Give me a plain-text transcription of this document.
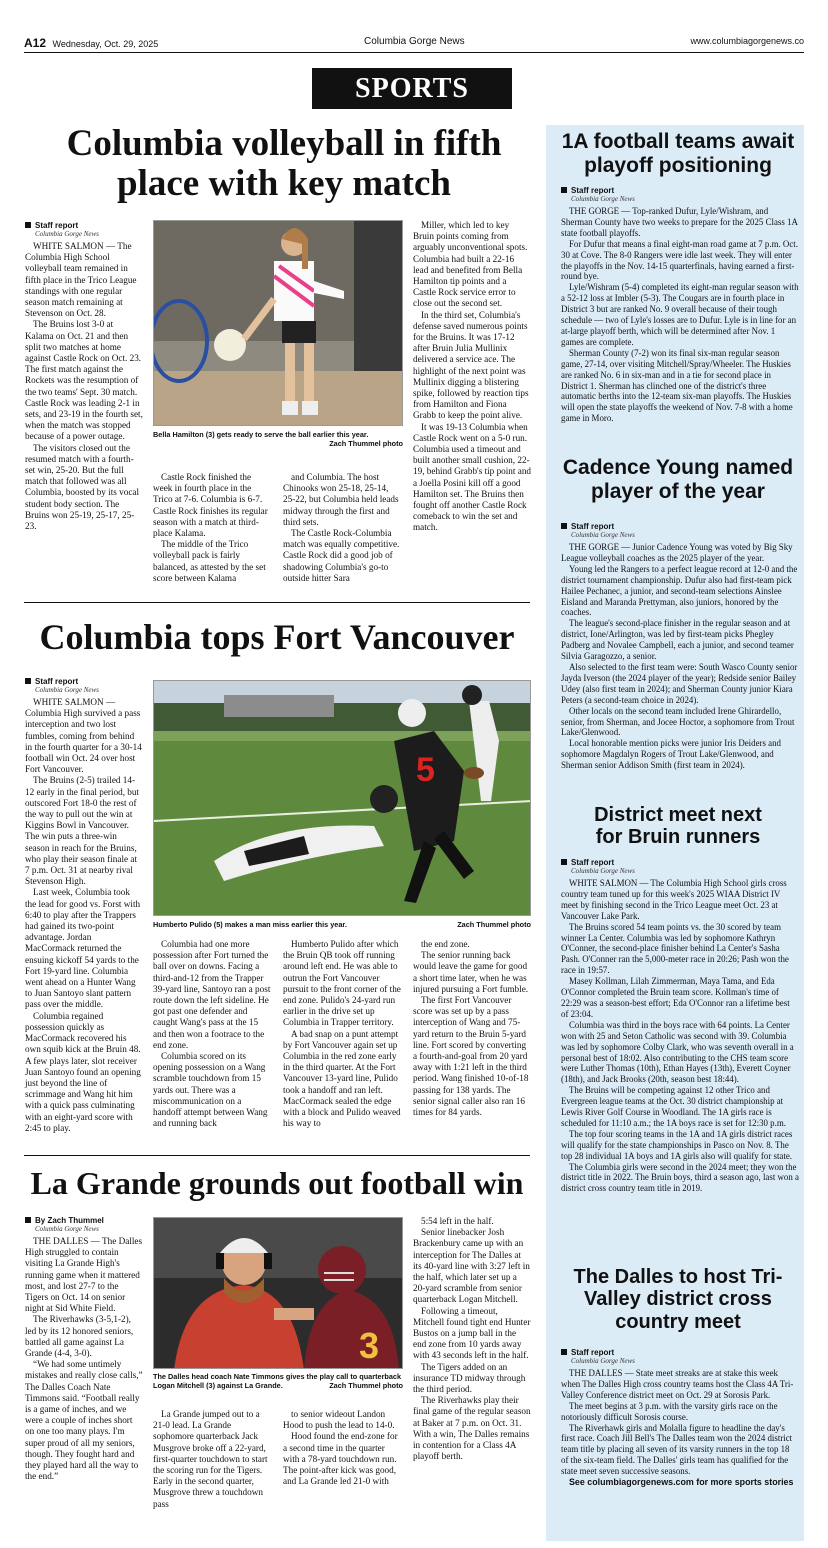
A12 Wednesday, Oct. 29, 2025	Columbia Gorge News	www.columbiagorgenews.co
SPORTS
Columbia volleyball in fifth place with key match
Staff report
Columbia Gorge News

WHITE SALMON — The Columbia High School volleyball team remained in fifth place in the Trico League standings with one regular season match remaining at Stevenson on Oct. 28.

The Bruins lost 3-0 at Kalama on Oct. 21 and then split two matches at home against Castle Rock on Oct. 23. The first match against the Rockets was the resumption of the two teams' Sept. 30 match. Castle Rock was leading 2-1 in sets, and 23-19 in the fourth set, when the match was stopped because of a power outage.

The visitors closed out the resumed match with a fourth-set win, 25-20. But the full match that followed was all Columbia, boosted by its vocal student body section. The Bruins won 25-19, 25-17, 25-23.

Bella Hamilton (3) gets ready to serve the ball earlier this year.
Zach Thummel photo

Castle Rock finished the week in fourth place in the Trico at 7-6. Columbia is 6-7. Castle Rock finishes its regular season with a match at third-place Kalama.

The middle of the Trico volleyball pack is fairly balanced, as attested by the set score between Kalama

and Columbia. The host Chinooks won 25-18, 25-14, 25-22, but Columbia held leads midway through the first and third sets.

The Castle Rock-Columbia match was equally competitive. Castle Rock did a good job of shadowing Columbia's go-to outside hitter Sara

Miller, which led to key Bruin points coming from arguably unconventional spots. Columbia had built a 22-16 lead and benefited from Bella Hamilton tip points and a Castle Rock service error to close out the second set.

In the third set, Columbia's defense saved numerous points for the Bruins. It was 17-12 after Bruin Julia Mullinix delivered a service ace. The highlight of the next point was Mullinix digging a blistering spike, followed by reaction tips from Hamilton and Fiona Grabb to keep the point alive.

It was 19-13 Columbia when Castle Rock went on a 5-0 run. Columbia used a timeout and built another small cushion, 22-19, behind Grabb's tip point and a Joella Posini kill off a good Hamilton set. The Bruins then fought off another Castle Rock comeback to win the set and match.

Columbia tops Fort Vancouver
Staff report
Columbia Gorge News

WHITE SALMON — Columbia High survived a pass interception and two lost fumbles, coming from behind in the fourth quarter for a 30-14 football win Oct. 24 over host Fort Vancouver.

The Bruins (2-5) trailed 14-12 early in the final period, but outscored Fort 18-0 the rest of the way to pull out the win at Kiggins Bowl in Vancouver. The win puts a three-win season in reach for the Bruins, who play their season finale at 7 p.m. Oct. 31 at nearby rival Stevenson High.

Last week, Columbia took the lead for good vs. Forst with 6:40 to play after the Trappers had gained its two-point advantage. Jordan MacCormack returned the ensuing kickoff 54 yards to the Fort 19-yard line. Columbia went ahead on a Hunter Wang to Juan Santoyo slant pattern pass over the middle.

Columbia regained possession quickly as MacCormack recovered his own squib kick at the Bruin 48. A few plays later, slot receiver Juan Santoyo found an opening just beyond the line of scrimmage and Wang hit him with a quick pass culminating with an eight-yard score with 2:45 to play.

5
Humberto Pulido (5) makes a man miss earlier this year.	Zach Thummel photo

Columbia had one more possession after Fort turned the ball over on downs. Facing a third-and-12 from the Trapper 39-yard line, Santoyo ran a post route down the left sideline. He got past one defender and caught Wang's pass at the 15 and then won a footrace to the end zone.

Columbia scored on its opening possession on a Wang scramble touchdown from 15 yards out. There was a miscommunication on a handoff attempt between Wang and running back

Humberto Pulido after which the Bruin QB took off running around left end. He was able to outrun the Fort Vancouver pursuit to the front corner of the end zone. Pulido's 24-yard run earlier in the drive set up Columbia in Trapper territory.

A bad snap on a punt attempt by Fort Vancouver again set up Columbia in the red zone early in the third quarter. At the Fort Vancouver 13-yard line, Pulido took a handoff and ran left. MacCormack sealed the edge with a block and Pulido weaved his way to

the end zone.

The senior running back would leave the game for good a short time later, when he was injured pursuing a Fort fumble.

The first Fort Vancouver score was set up by a pass interception of Wang and 75-yard return to the Bruin 5-yard line. Fort scored by converting a fourth-and-goal from 20 yard away with 1:21 left in the third period. Wang finished 10-of-18 passing for 138 yards. The senior signal caller also ran 16 times for 84 yards.

La Grande grounds out football win
By Zach Thummel
Columbia Gorge News

THE DALLES — The Dalles High struggled to contain visiting La Grande High's running game when it mattered most, and lost 27-7 to the Tigers on Oct. 14 on senior night at Sid White Field.

The Riverhawks (3-5,1-2), led by its 12 honored seniors, battled all game against La Grande (4-4, 3-0).

“We had some untimely mistakes and really close calls,” The Dalles Coach Nate Timmons said. “Football really is a game of inches, and we were a couple of inches short on one too many plays. I'm super proud of all my seniors, though. They fought hard and they played hard all the way to the end.”

3
The Dalles head coach Nate Timmons gives the play call to quarterback Logan Mitchell (3) against La Grande.	Zach Thummel photo

La Grande jumped out to a 21-0 lead. La Grande sophomore quarterback Jack Musgrove broke off a 22-yard, first-quarter touchdown to start the scoring run for the Tigers. Early in the second quarter, Musgrove threw a touchdown pass

to senior wideout Landon Hood to push the lead to 14-0.

Hood found the end-zone for a second time in the quarter with a 78-yard touchdown run. The point-after kick was good, and La Grande led 21-0 with

5:54 left in the half.

Senior linebacker Josh Brackenbury came up with an interception for The Dalles at its 40-yard line with 3:27 left in the half, which later set up a 20-yard scramble from senior quarterback Logan Mitchell.

Following a timeout, Mitchell found tight end Hunter Bustos on a jump ball in the end zone from 10 yards away with 43 seconds left in the half.

The Tigers added on an insurance TD midway through the third period.

The Riverhawks play their final game of the regular season at Baker at 7 p.m. on Oct. 31. With a win, The Dalles remains in contention for a Class 4A playoff berth.

1A football teams await playoff positioning
Staff report
Columbia Gorge News

THE GORGE — Top-ranked Dufur, Lyle/Wishram, and Sherman County have two weeks to prepare for the 2025 Class 1A state football playoffs.

For Dufur that means a final eight-man road game at 7 p.m. Oct. 30 at Cove. The 8-0 Rangers were idle last week. They will enter the playoffs in the Nov. 14-15 quarterfinals, having earned a first-round bye.

Lyle/Wishram (5-4) completed its eight-man regular season with a 52-12 loss at Imbler (5-3). The Cougars are in fourth place in District 3 but are ranked No. 9 overall because of their tough schedule — two of Lyle's losses are to Dufur. Lyle is in line for an at-large playoff berth, which will be determined after Nov. 1 games are complete.

Sherman County (7-2) won its final six-man regular season game, 27-14, over visiting Mitchell/Spray/Wheeler. The Huskies are ranked No. 6 in six-man and in a tie for second place in District 1. Sherman has clinched one of the district's three automatic berths into the 12-team six-man playoffs. The Huskies will open the state playoffs the weekend of Nov. 7-8 with a home game in Moro.

Cadence Young named player of the year
Staff report
Columbia Gorge News

THE GORGE — Junior Cadence Young was voted by Big Sky League volleyball coaches as the 2025 player of the year.

Young led the Rangers to a perfect league record at 12-0 and the district tournament championship. Dufur also had first-team pick Hailee Pechanec, a junior, and second-team selections Ainslee Eisland and Maranda Prettyman, also juniors, honored by the coaches.

The league's second-place finisher in the regular season and at district, Ione/Arlington, was led by first-team picks Phegley Padberg and Novalee Campbell, each a junior, and second teamer Silvia Garagozzo, a senior.

Also selected to the first team were: South Wasco County senior Jayda Iverson (the 2024 player of the year); Redside senior Bailey Udey (also first team in 2024); and Sherman County junior Kiara Peters (a second-team choice in 2024).

Other locals on the second team included Irene Ghirardello, senior, from Sherman, and Jocee Hoctor, a sophomore from Trout Lake/Glenwood.

Local honorable mention picks were junior Iris Deiders and sophomore Magdalyn Rogers of Trout Lake/Glenwood, and Sherman senior Addison Smith (first team in 2024).

District meet next for Bruin runners
Staff report
Columbia Gorge News

WHITE SALMON — The Columbia High School girls cross country team tuned up for this week's 2025 WIAA District IV meet by finishing second in the Trico League meet Oct. 23 at Vancouver Lake Park.

The Bruins scored 54 team points vs. the 30 scored by team winner La Center. Columbia was led by sophomore Kathryn O'Conner, the second-place finisher behind La Center's Sasha Pash. O'Conner ran the 5,000-meter race in 20:26; Pash won the race in 19:57.

Masey Kollman, Lilah Zimmerman, Maya Tama, and Eda O'Connor completed the Bruin team score. Kollman's time of 22:29 was a season-best effort; Eda O'Connor ran a lifetime best of 23:04.

Columbia was third in the boys race with 64 points. La Center won with 25 and Seton Catholic was second with 39. Columbia was led by sophomore Colby Clark, who was seventh overall in a personal best of 18:02. Also contributing to the CHS team score were Luther Thomas (10th), Ethan Hayes (13th), Everett Coyner (18th), and Jack Brooks (20th, season best 18:44).

The Bruins will be competing against 12 other Trico and Evergreen league teams at the Oct. 30 district championship at Lewis River Golf Course in Woodland. The 1A girls race is scheduled for 11:10 a.m.; the 1A boys race is set for 12:30 p.m.

The top four scoring teams in the 1A and 1A girls district races will qualify for the state championships in Pasco on Nov. 8. The top 28 individual 1A boys and 1A girls also will qualify for state.

The Columbia girls were second in the 2024 meet; they won the district title in 2022. The Bruin boys, third a season ago, last won a district cross country team title in 2019.

The Dalles to host Tri-Valley district cross country meet
Staff report
Columbia Gorge News

THE DALLES — State meet streaks are at stake this week when The Dalles High cross country teams host the Class 4A Tri-Valley Conference district meet on Oct. 29 at Sorosis Park.

The meet begins at 3 p.m. with the varsity girls race on the notoriously difficult Sorosis course.

The Riverhawk girls and Molalla figure to headline the day's first race. Coach Jill Bell's The Dalles team won the 2024 district team title by placing all seven of its varsity runners in the top 18 of the six-team field. The Dalles' girls team has qualified for the state meet seven successive seasons.

See columbiagorgenews.com for more sports stories
